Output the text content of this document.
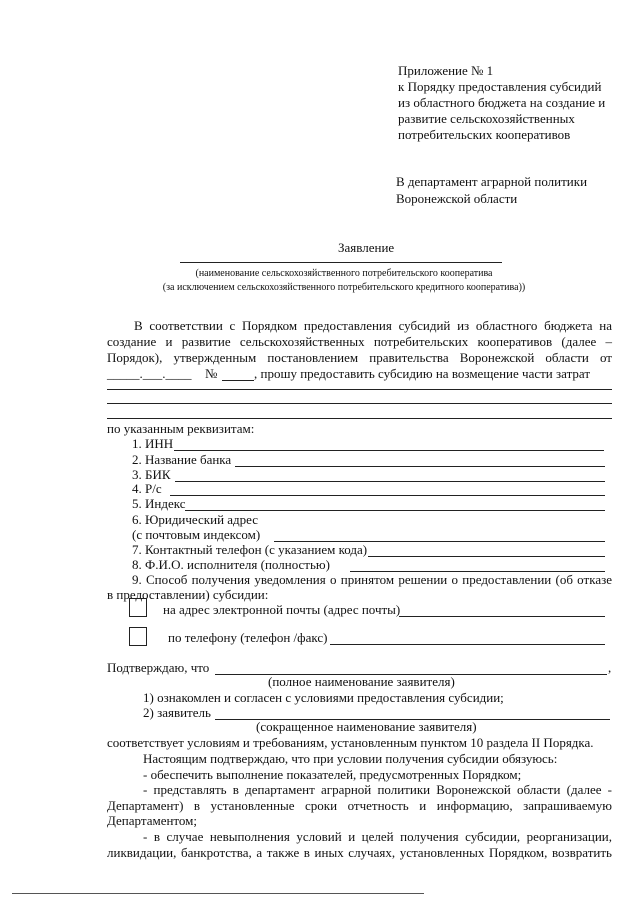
Приложение № 1
к Порядку предоставления субсидий
из областного бюджета на создание и
развитие сельскохозяйственных
потребительских кооперативов
В департамент аграрной политики
Воронежской области
Заявление
(наименование сельскохозяйственного потребительского кооператива
(за исключением сельскохозяйственного потребительского кредитного кооператива))
В соответствии с Порядком предоставления субсидий из областного бюджета на
создание и развитие сельскохозяйственных потребительских кооперативов (далее –
Порядок), утвержденным постановлением правительства Воронежской области от
_____.___.____ №	, прошу предоставить субсидию на возмещение части затрат
по указанным реквизитам:
1. ИНН
2. Название банка
3. БИК
4. Р/с
5. Индекс
6. Юридический адрес
(с почтовым индексом)
7. Контактный телефон (с указанием кода)
8. Ф.И.О. исполнителя (полностью)
9. Способ получения уведомления о принятом решении о предоставлении (об отказе
в предоставлении) субсидии:
на адрес электронной почты (адрес почты)
по телефону (телефон /факс)
Подтверждаю, что	,
(полное наименование заявителя)
1) ознакомлен и согласен с условиями предоставления субсидии;
2) заявитель
(сокращенное наименование заявителя)
соответствует условиям и требованиям, установленным пунктом 10 раздела II Порядка.
Настоящим подтверждаю, что при условии получения субсидии обязуюсь:
- обеспечить выполнение показателей, предусмотренных Порядком;
- представлять в департамент аграрной политики Воронежской области (далее -
Департамент) в установленные сроки отчетность и информацию, запрашиваемую
Департаментом;
- в случае невыполнения условий и целей получения субсидии, реорганизации,
ликвидации, банкротства, а также в иных случаях, установленных Порядком, возвратить
